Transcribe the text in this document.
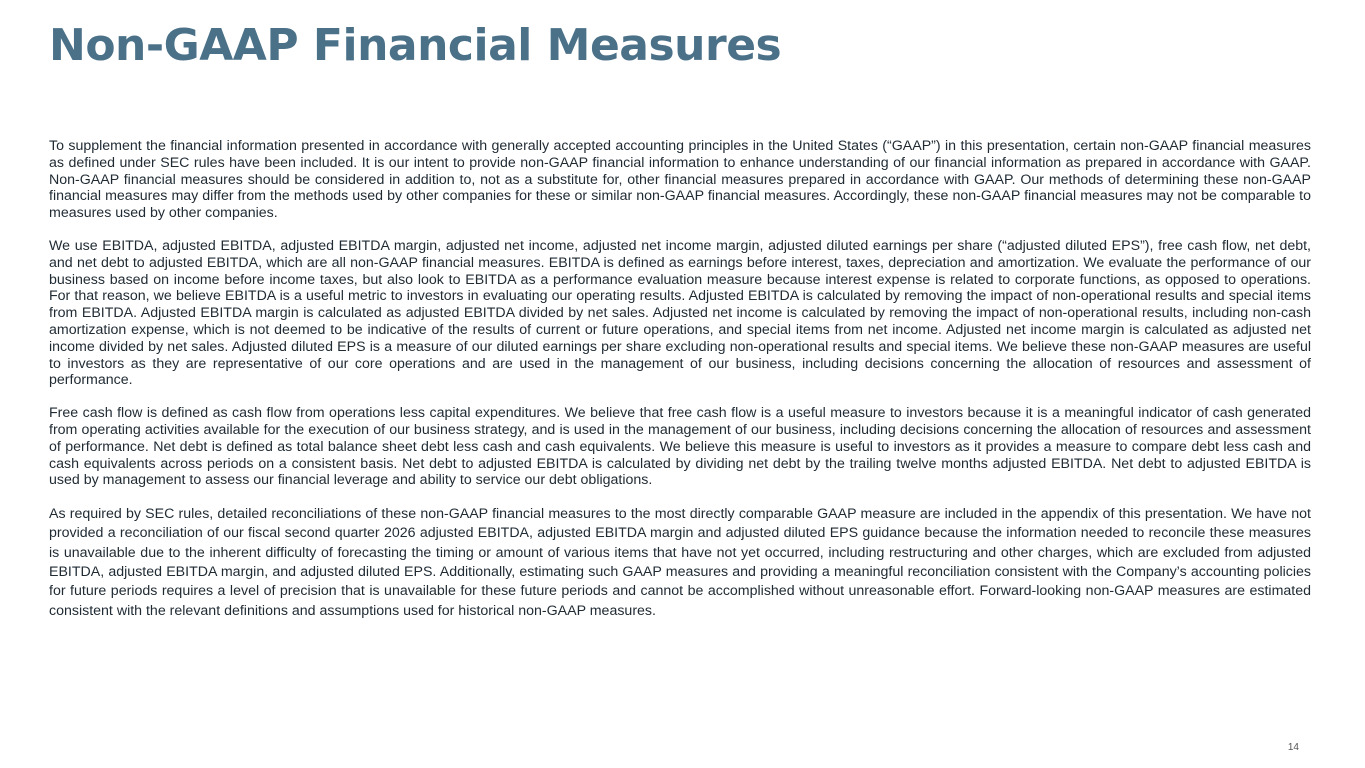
Non-GAAP Financial Measures

To supplement the financial information presented in accordance with generally accepted accounting principles in the United States (“GAAP”) in this presentation, certain non-GAAP financial measures as defined under SEC rules have been included. It is our intent to provide non-GAAP financial information to enhance understanding of our financial information as prepared in accordance with GAAP. Non-GAAP financial measures should be considered in addition to, not as a substitute for, other financial measures prepared in accordance with GAAP. Our methods of determining these non-GAAP financial measures may differ from the methods used by other companies for these or similar non-GAAP financial measures. Accordingly, these non-GAAP financial measures may not be comparable to measures used by other companies.

We use EBITDA, adjusted EBITDA, adjusted EBITDA margin, adjusted net income, adjusted net income margin, adjusted diluted earnings per share (“adjusted diluted EPS”), free cash flow, net debt, and net debt to adjusted EBITDA, which are all non-GAAP financial measures. EBITDA is defined as earnings before interest, taxes, depreciation and amortization. We evaluate the performance of our business based on income before income taxes, but also look to EBITDA as a performance evaluation measure because interest expense is related to corporate functions, as opposed to operations. For that reason, we believe EBITDA is a useful metric to investors in evaluating our operating results. Adjusted EBITDA is calculated by removing the impact of non-operational results and special items from EBITDA. Adjusted EBITDA margin is calculated as adjusted EBITDA divided by net sales. Adjusted net income is calculated by removing the impact of non-operational results, including non-cash amortization expense, which is not deemed to be indicative of the results of current or future operations, and special items from net income. Adjusted net income margin is calculated as adjusted net income divided by net sales. Adjusted diluted EPS is a measure of our diluted earnings per share excluding non-operational results and special items. We believe these non-GAAP measures are useful to investors as they are representative of our core operations and are used in the management of our business, including decisions concerning the allocation of resources and assessment of performance.

Free cash flow is defined as cash flow from operations less capital expenditures. We believe that free cash flow is a useful measure to investors because it is a meaningful indicator of cash generated from operating activities available for the execution of our business strategy, and is used in the management of our business, including decisions concerning the allocation of resources and assessment of performance. Net debt is defined as total balance sheet debt less cash and cash equivalents. We believe this measure is useful to investors as it provides a measure to compare debt less cash and cash equivalents across periods on a consistent basis. Net debt to adjusted EBITDA is calculated by dividing net debt by the trailing twelve months adjusted EBITDA. Net debt to adjusted EBITDA is used by management to assess our financial leverage and ability to service our debt obligations.

As required by SEC rules, detailed reconciliations of these non-GAAP financial measures to the most directly comparable GAAP measure are included in the appendix of this presentation. We have not provided a reconciliation of our fiscal second quarter 2026 adjusted EBITDA, adjusted EBITDA margin and adjusted diluted EPS guidance because the information needed to reconcile these measures is unavailable due to the inherent difficulty of forecasting the timing or amount of various items that have not yet occurred, including restructuring and other charges, which are excluded from adjusted EBITDA, adjusted EBITDA margin, and adjusted diluted EPS. Additionally, estimating such GAAP measures and providing a meaningful reconciliation consistent with the Company’s accounting policies for future periods requires a level of precision that is unavailable for these future periods and cannot be accomplished without unreasonable effort. Forward-looking non-GAAP measures are estimated consistent with the relevant definitions and assumptions used for historical non-GAAP measures.

14
